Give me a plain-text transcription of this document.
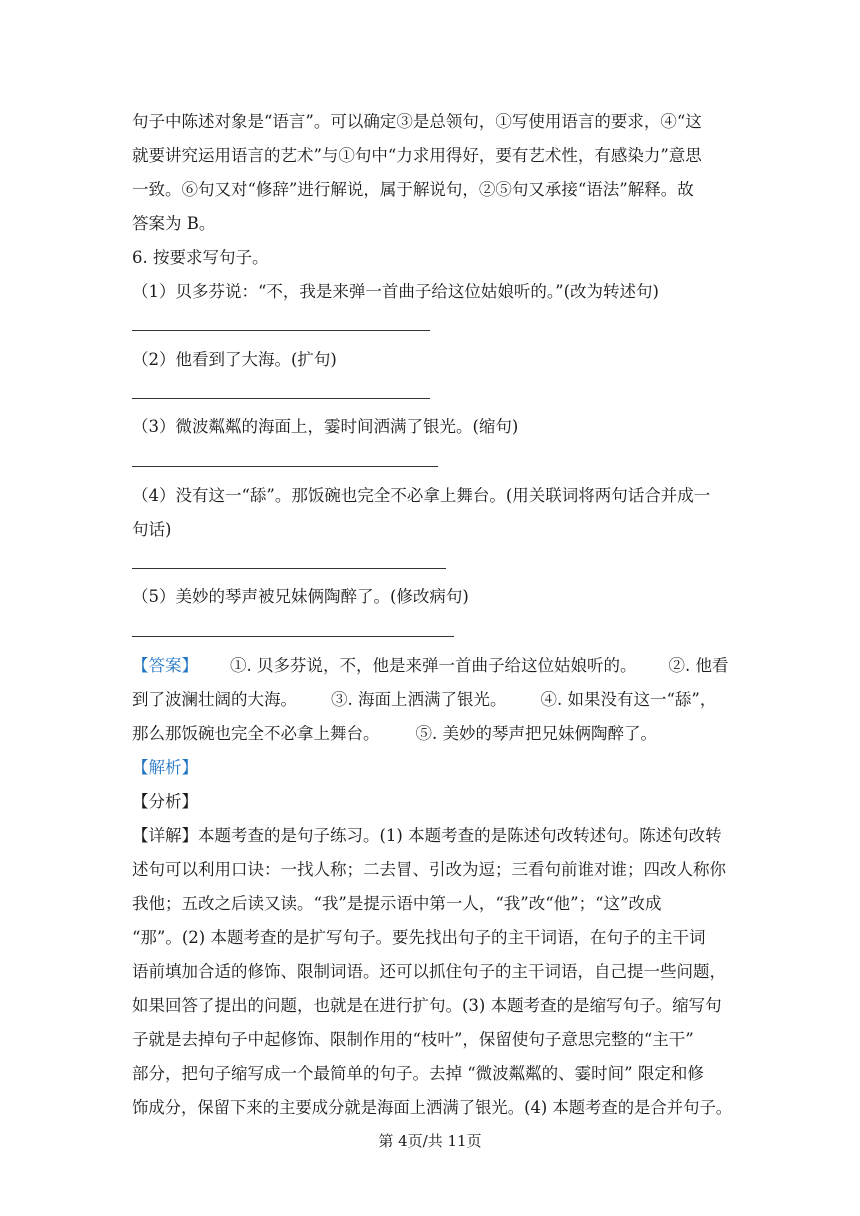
句子中陈述对象是“语言”。可以确定③是总领句，①写使用语言的要求，④“这
就要讲究运用语言的艺术”与①句中“力求用得好，要有艺术性，有感染力”意思
一致。⑥句又对“修辞”进行解说，属于解说句，②⑤句又承接“语法”解释。故
答案为 B。
6. 按要求写句子。
（1）贝多芬说：“不，我是来弹一首曲子给这位姑娘听的。”(改为转述句)
（2）他看到了大海。(扩句)
（3）微波粼粼的海面上，霎时间洒满了银光。(缩句)
（4）没有这一“舔”。那饭碗也完全不必拿上舞台。(用关联词将两句话合并成一
句话)
（5）美妙的琴声被兄妹俩陶醉了。(修改病句)
【答案】 ①. 贝多芬说，不，他是来弹一首曲子给这位姑娘听的。 ②. 他看
到了波澜壮阔的大海。 ③. 海面上洒满了银光。 ④. 如果没有这一“舔”，
那么那饭碗也完全不必拿上舞台。 ⑤. 美妙的琴声把兄妹俩陶醉了。
【解析】
【分析】
【详解】本题考查的是句子练习。(1) 本题考查的是陈述句改转述句。陈述句改转
述句可以利用口诀：一找人称；二去冒、引改为逗；三看句前谁对谁；四改人称你
我他；五改之后读又读。“我”是提示语中第一人，“我”改“他”；“这”改成
“那”。(2) 本题考查的是扩写句子。要先找出句子的主干词语，在句子的主干词
语前填加合适的修饰、限制词语。还可以抓住句子的主干词语，自己提一些问题，
如果回答了提出的问题，也就是在进行扩句。(3) 本题考查的是缩写句子。缩写句
子就是去掉句子中起修饰、限制作用的“枝叶”，保留使句子意思完整的“主干”
部分，把句子缩写成一个最简单的句子。去掉 “微波粼粼的、霎时间” 限定和修
饰成分，保留下来的主要成分就是海面上洒满了银光。(4) 本题考查的是合并句子。
第 4页/共 11页
